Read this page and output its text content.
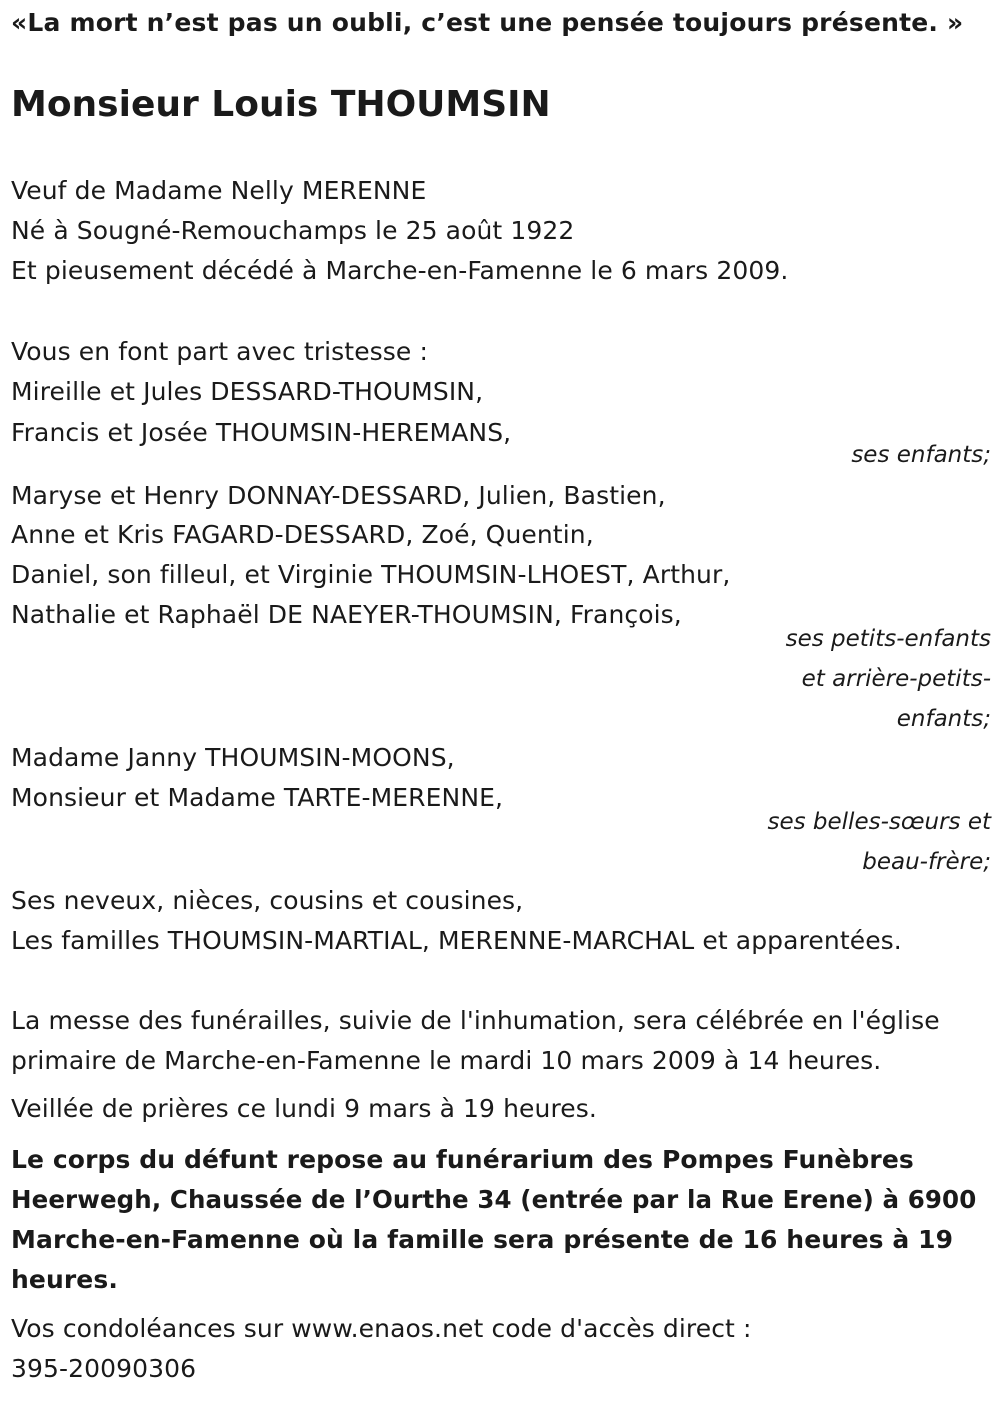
«La mort n’est pas un oubli, c’est une pensée toujours présente. »
Monsieur Louis THOUMSIN
Veuf de Madame Nelly MERENNE
Né à Sougné-Remouchamps le 25 août 1922
Et pieusement décédé à Marche-en-Famenne le 6 mars 2009.
Vous en font part avec tristesse :
Mireille et Jules DESSARD-THOUMSIN,
Francis et Josée THOUMSIN-HEREMANS,
ses enfants;
Maryse et Henry DONNAY-DESSARD, Julien, Bastien,
Anne et Kris FAGARD-DESSARD, Zoé, Quentin,
Daniel, son filleul, et Virginie THOUMSIN-LHOEST, Arthur,
Nathalie et Raphaël DE NAEYER-THOUMSIN, François,
ses petits-enfants
et arrière-petits-
enfants;
Madame Janny THOUMSIN-MOONS,
Monsieur et Madame TARTE-MERENNE,
ses belles-sœurs et
beau-frère;
Ses neveux, nièces, cousins et cousines,
Les familles THOUMSIN-MARTIAL, MERENNE-MARCHAL et apparentées.
La messe des funérailles, suivie de l'inhumation, sera célébrée en l'église
primaire de Marche-en-Famenne le mardi 10 mars 2009 à 14 heures.
Veillée de prières ce lundi 9 mars à 19 heures.
Le corps du défunt repose au funérarium des Pompes Funèbres
Heerwegh, Chaussée de l’Ourthe 34 (entrée par la Rue Erene) à 6900
Marche-en-Famenne où la famille sera présente de 16 heures à 19
heures.
Vos condoléances sur www.enaos.net code d'accès direct :
395-20090306
